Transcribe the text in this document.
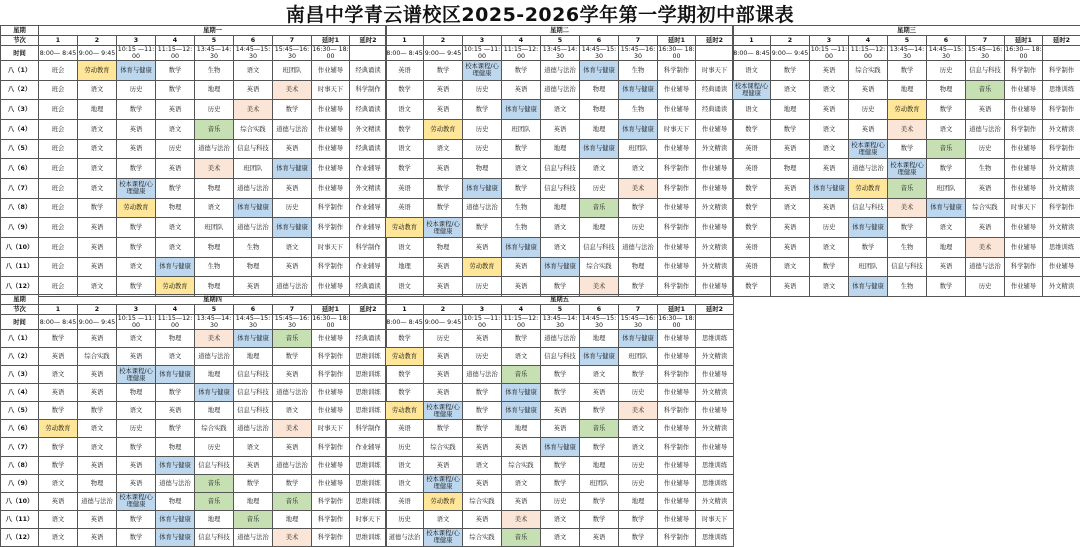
南昌中学青云谱校区2025-2026学年第一学期初中部课表
星期	星期一								
节次	1	2	3	4	5	6	7	延时1	延时2
时间	8:00— 8:45	9:00— 9:45	10:15 —11:00	11:15—12:00	13:45—14:30	14:45—15:30	15:45—16:30	16:30— 18:00	
八（1）	班会	劳动教育	体育与健康	数学	生物	语文	班团队	作业辅导	经典诵读
八（2）	班会	语文	历史	数学	地理	英语	美术	时事天下	科学制作
八（3）	班会	地理	数学	英语	历史	美术	数学	作业辅导	经典诵读
八（4）	班会	语文	英语	语文	音乐	综合实践	道德与法治	作业辅导	外文精读
八（5）	班会	语文	英语	历史	道德与法治	信息与科技	英语	作业辅导	经典诵读
八（6）	班会	语文	数学	英语	美术	班团队	体育与健康	作业辅导	作业辅导
八（7）	班会	语文	校本课程/心理健康	数学	物理	道德与法治	英语	作业辅导	外文精读
八（8）	班会	数学	劳动教育	物理	语文	体育与健康	历史	科学制作	作业辅导
八（9）	班会	英语	数学	语文	班团队	道德与法治	体育与健康	科学制作	作业辅导
八（10）	班会	英语	数学	语文	物理	生物	语文	时事天下	科学制作
八（11）	班会	英语	语文	体育与健康	生物	物理	英语	科学制作	作业辅导
八（12）	班会	语文	数学	劳动教育	物理	英语	道德与法治	作业辅导	经典诵读
星期二								
1	2	3	4	5	6	7	延时1	延时2
8:00— 8:45	9:00— 9:45	10:15 —11:00	11:15—12:00	13:45—14:30	14:45—15:30	15:45—16:30	16:30— 18:00	
英语	数学	校本课程/心理健康	数学	道德与法治	体育与健康	生物	科学制作	时事天下
数学	英语	历史	英语	道德与法治	物理	体育与健康	作业辅导	经典诵读
语文	英语	数学	体育与健康	语文	物理	生物	作业辅导	经典诵读
数学	劳动教育	历史	班团队	英语	地理	体育与健康	时事天下	作业辅导
语文	语文	历史	数学	地理	体育与健康	班团队	作业辅导	外文精读
数学	英语	物理	语文	信息与科技	语文	语文	科学制作	作业辅导
英语	数学	体育与健康	数学	信息与科技	历史	美术	科学制作	作业辅导
英语	数学	道德与法治	生物	地理	音乐	数学	作业辅导	外文精读
劳动教育	校本课程/心理健康	数学	生物	语文	地理	历史	科学制作	作业辅导
语文	物理	英语	体育与健康	语文	信息与科技	道德与法治	作业辅导	外文精读
地理	英语	劳动教育	英语	体育与健康	综合实践	物理	作业辅导	外文精读
语文	英语	历史	英语	数学	美术	数学	科学制作	作业辅导
星期三								
1	2	3	4	5	6	7	延时1	延时2
8:00— 8:45	9:00— 9:45	10:15 —11:00	11:15—12:00	13:45—14:30	14:45—15:30	15:45—16:30	16:30— 18:00	
语文	数学	英语	综合实践	数学	历史	信息与科技	科学制作	科学制作
校本课程/心理健康	语文	语文	英语	地理	物理	音乐	作业辅导	思维训练
语文	地理	英语	历史	劳动教育	数学	英语	作业辅导	科学制作
数学	数学	语文	英语	美术	语文	道德与法治	科学制作	外文精读
英语	英语	语文	校本课程/心理健康	数学	音乐	历史	作业辅导	科学制作
英语	物理	英语	道德与法治	校本课程/心理健康	数学	生物	作业辅导	外文精读
数学	英语	体育与健康	劳动教育	音乐	班团队	英语	作业辅导	外文精读
数学	语文	英语	信息与科技	美术	体育与健康	综合实践	时事天下	科学制作
数学	英语	历史	体育与健康	数学	语文	英语	作业辅导	外文精读
英语	英语	语文	数学	生物	地理	美术	作业辅导	思维训练
英语	语文	数学	班团队	信息与科技	英语	道德与法治	科学制作	作业辅导
数学	英语	语文	体育与健康	生物	数学	历史	作业辅导	外文精读
星期	星期四								
节次	1	2	3	4	5	6	7	延时1	延时2
时间	8:00— 8:45	9:00— 9:45	10:15 —11:00	11:15—12:00	13:45—14:30	14:45—15:30	15:45—16:30	16:30— 18:00	
八（1）	数学	英语	语文	物理	美术	体育与健康	音乐	作业辅导	经典诵读
八（2）	英语	综合实践	英语	语文	道德与法治	地理	数学	科学制作	思维训练
八（3）	语文	英语	校本课程/心理健康	体育与健康	地理	信息与科技	英语	科学制作	思维训练
八（4）	英语	英语	物理	数学	体育与健康	信息与科技	道德与法治	作业辅导	思维训练
八（5）	数学	数学	语文	英语	地理	信息与科技	语文	作业辅导	思维训练
八（6）	劳动教育	语文	历史	数学	综合实践	道德与法治	美术	时事天下	科学制作
八（7）	数学	语文	数学	物理	历史	语文	英语	科学制作	作业辅导
八（8）	数学	英语	英语	体育与健康	信息与科技	英语	道德与法治	作业辅导	思维训练
八（9）	语文	物理	英语	道德与法治	音乐	数学	数学	作业辅导	思维训练
八（10）	英语	道德与法治	校本课程/心理健康	物理	音乐	地理	音乐	科学制作	思维训练
八（11）	语文	英语	数学	体育与健康	地理	音乐	地理	科学制作	时事天下
八（12）	语文	英语	数学	体育与健康	信息与科技	道德与法治	美术	科学制作	思维训练
星期五								
1	2	3	4	5	6	7	延时1	延时2
8:00— 8:45	9:00— 9:45	10:15 —11:00	11:15—12:00	13:45—14:30	14:45—15:30	15:45—16:30	16:30— 18:00	
数学	历史	英语	数学	道德与法治	地理	体育与健康	作业辅导	思维训练
劳动教育	英语	历史	语文	信息与科技	体育与健康	班团队	作业辅导	外文精读
数学	英语	道德与法治	音乐	数学	语文	数学	科学制作	作业辅导
数学	英语	数学	体育与健康	数学	英语	历史	作业辅导	外文精读
劳动教育	校本课程/心理健康	数学	体育与健康	英语	数学	美术	科学制作	作业辅导
英语	数学	数学	地理	英语	音乐	语文	作业辅导	外文精读
历史	综合实践	英语	英语	体育与健康	数学	语文	科学制作	作业辅导
语文	英语	语文	综合实践	数学	地理	历史	作业辅导	思维训练
语文	校本课程/心理健康	英语	语文	数学	班团队	历史	作业辅导	思维训练
英语	劳动教育	综合实践	英语	历史	数学	地理	作业辅导	外文精读
历史	语文	英语	美术	语文	数学	数学	作业辅导	时事天下
道德与法治	校本课程/心理健康	综合实践	音乐	语文	英语	数学	科学制作	思维训练
